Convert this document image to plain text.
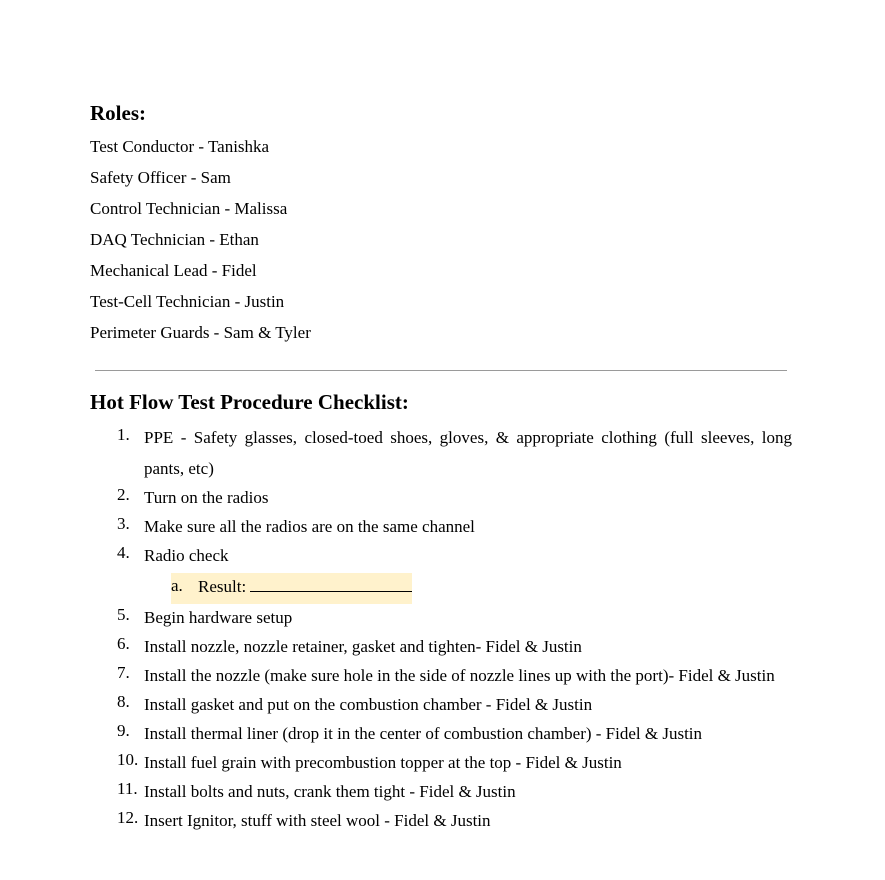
Roles:
Test Conductor - Tanishka
Safety Officer - Sam
Control Technician - Malissa
DAQ Technician - Ethan
Mechanical Lead - Fidel
Test-Cell Technician - Justin
Perimeter Guards - Sam & Tyler
Hot Flow Test Procedure Checklist:
1. PPE - Safety glasses, closed-toed shoes, gloves, & appropriate clothing (full sleeves, long pants, etc)
2. Turn on the radios
3. Make sure all the radios are on the same channel
4. Radio check
a. Result:
5. Begin hardware setup
6. Install nozzle, nozzle retainer, gasket and tighten- Fidel & Justin
7. Install the nozzle (make sure hole in the side of nozzle lines up with the port)- Fidel & Justin
8. Install gasket and put on the combustion chamber - Fidel & Justin
9. Install thermal liner (drop it in the center of combustion chamber) - Fidel & Justin
10. Install fuel grain with precombustion topper at the top - Fidel & Justin
11. Install bolts and nuts, crank them tight - Fidel & Justin
12. Insert Ignitor, stuff with steel wool - Fidel & Justin
